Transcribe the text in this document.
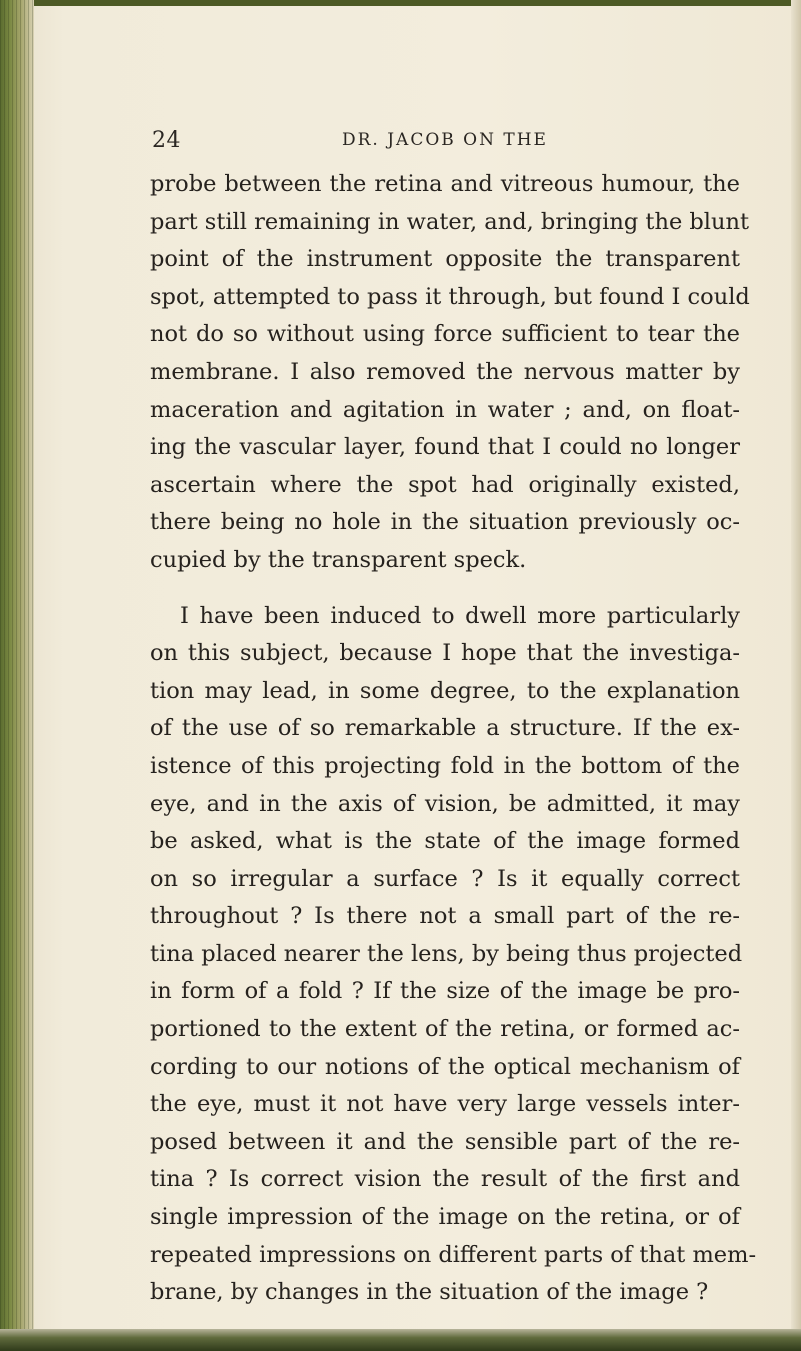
24	DR. JACOB ON THE
probe between the retina and vitreous humour, the
part still remaining in water, and, bringing the blunt
point of the instrument opposite the transparent
spot, attempted to pass it through, but found I could
not do so without using force sufficient to tear the
membrane. I also removed the nervous matter by
maceration and agitation in water ; and, on float-
ing the vascular layer, found that I could no longer
ascertain where the spot had originally existed,
there being no hole in the situation previously oc-
cupied by the transparent speck.
I have been induced to dwell more particularly
on this subject, because I hope that the investiga-
tion may lead, in some degree, to the explanation
of the use of so remarkable a structure. If the ex-
istence of this projecting fold in the bottom of the
eye, and in the axis of vision, be admitted, it may
be asked, what is the state of the image formed
on so irregular a surface ? Is it equally correct
throughout ? Is there not a small part of the re-
tina placed nearer the lens, by being thus projected
in form of a fold ? If the size of the image be pro-
portioned to the extent of the retina, or formed ac-
cording to our notions of the optical mechanism of
the eye, must it not have very large vessels inter-
posed between it and the sensible part of the re-
tina ? Is correct vision the result of the first and
single impression of the image on the retina, or of
repeated impressions on different parts of that mem-
brane, by changes in the situation of the image ?
